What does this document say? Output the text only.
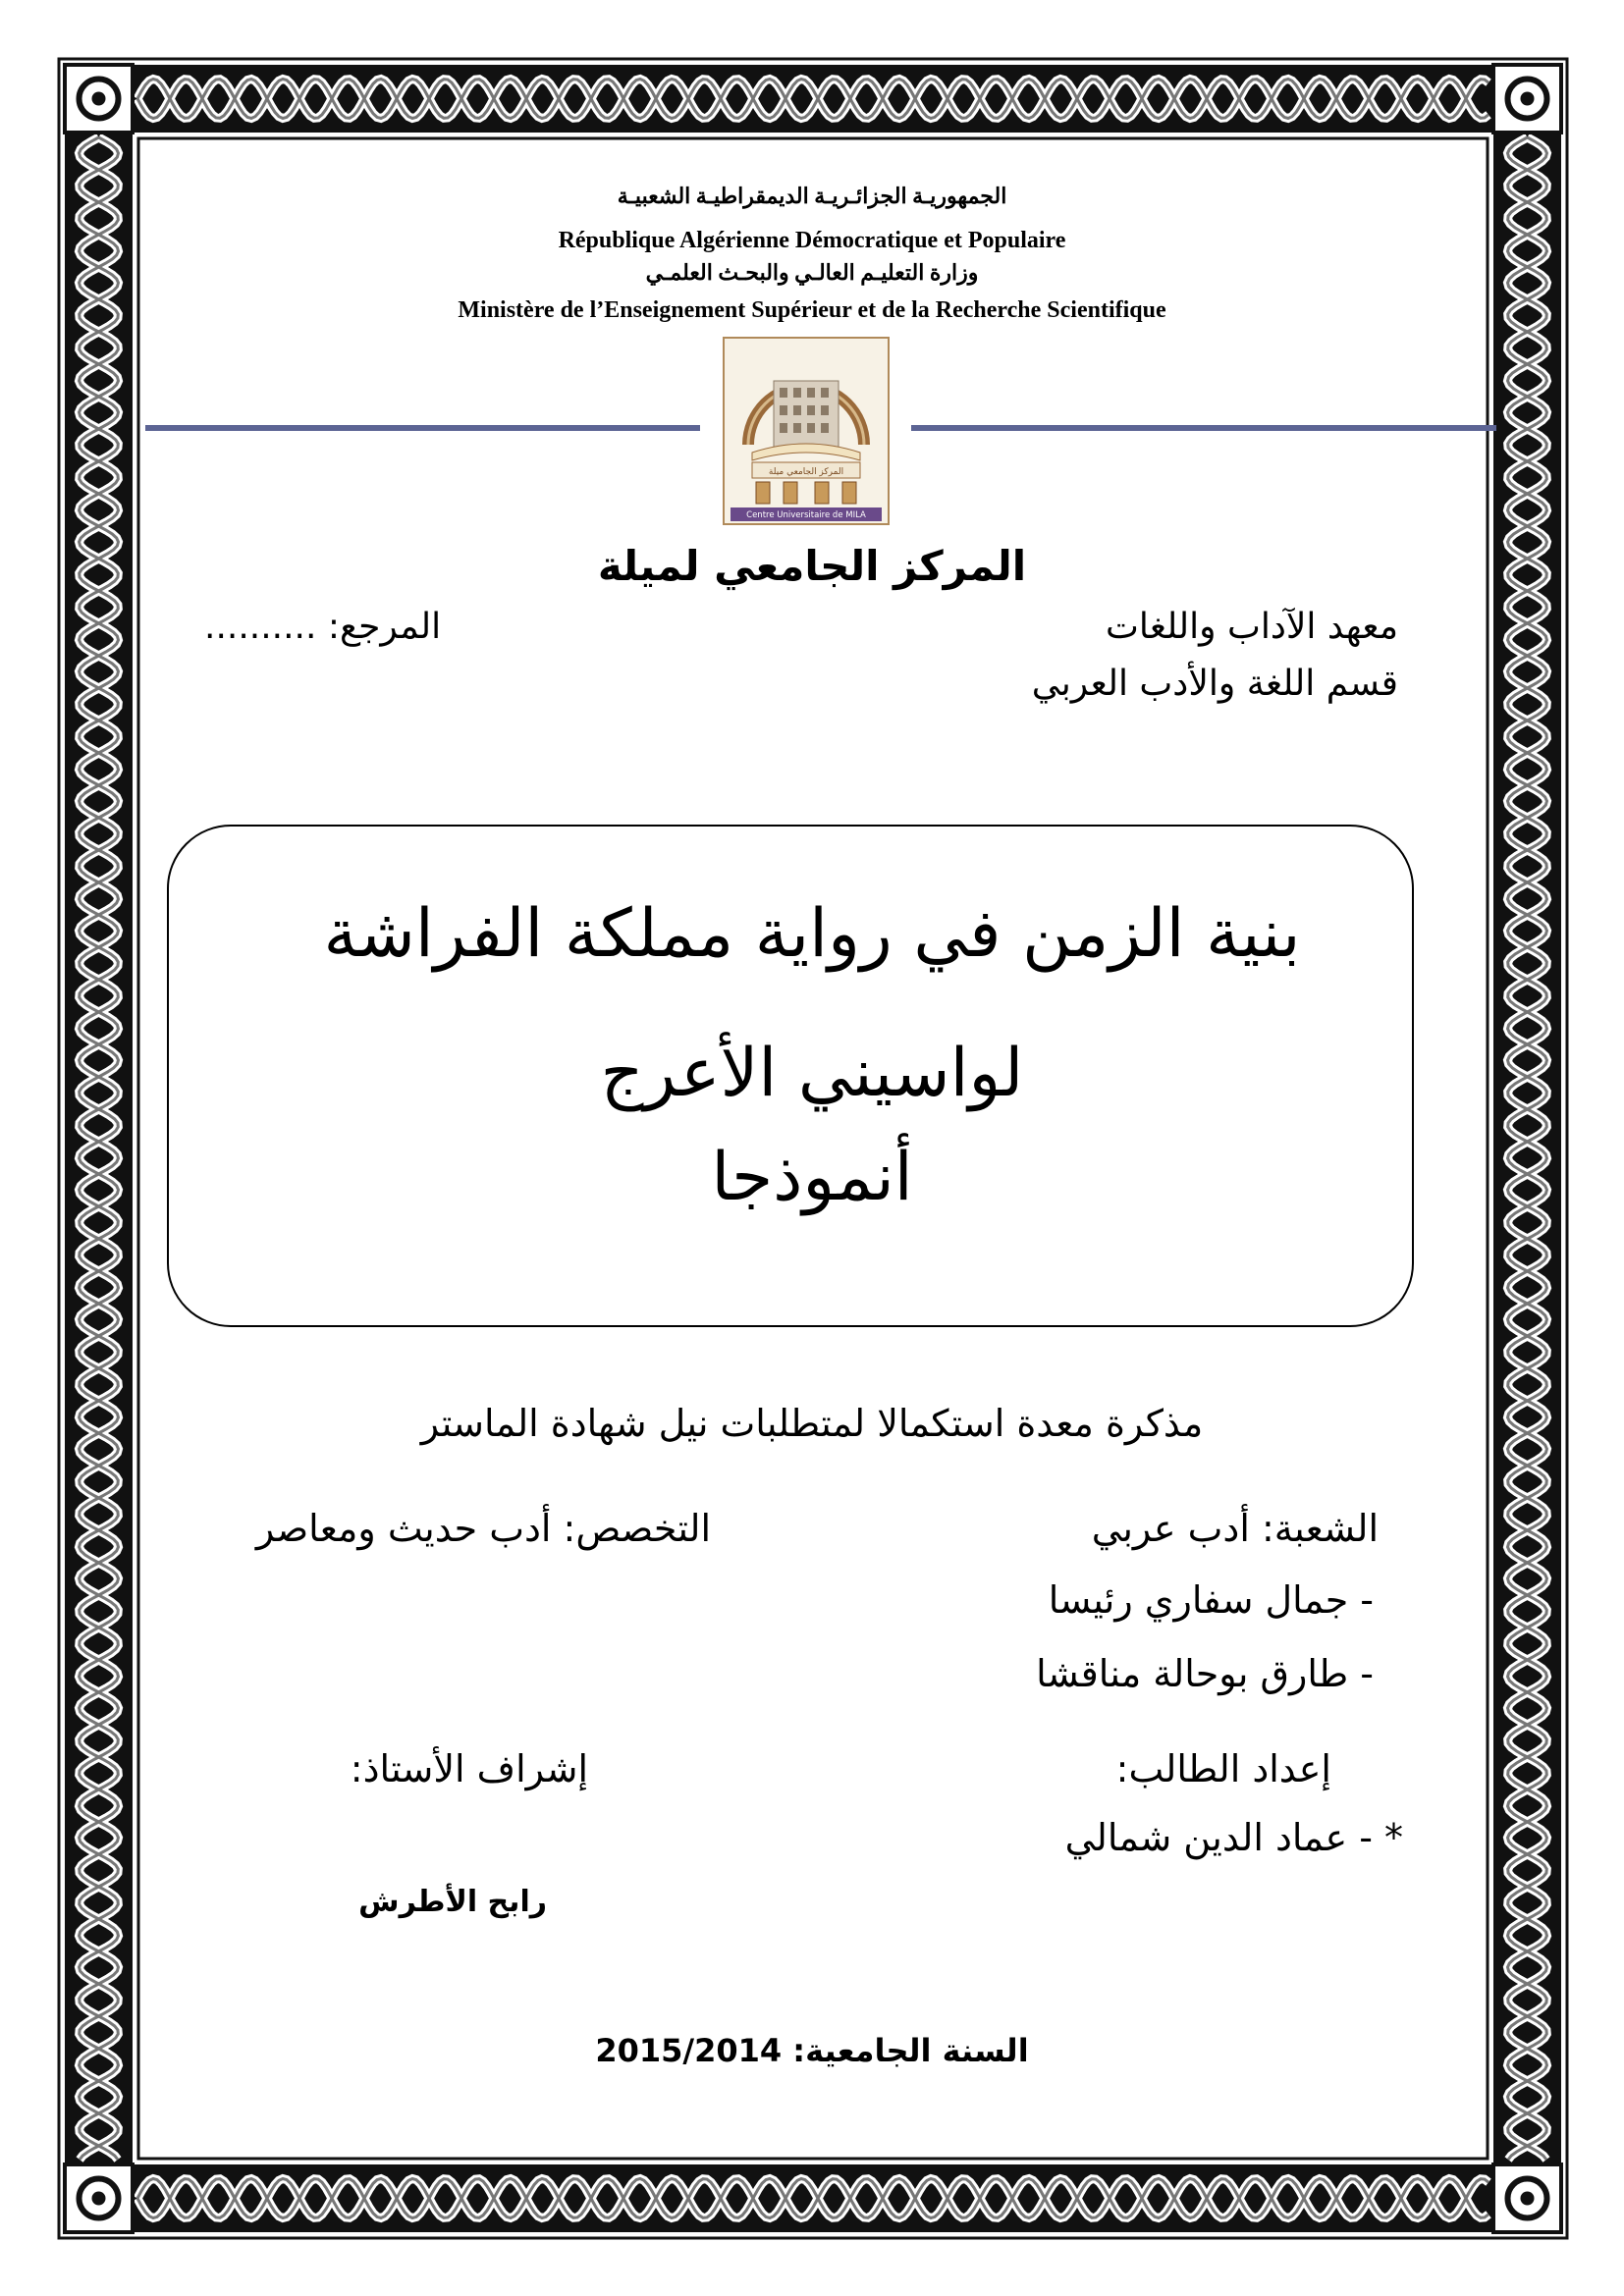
الجمهوريـة الجزائـريـة الديمقراطيـة الشعبيـة
République Algérienne Démocratique et Populaire
وزارة التعليـم العالـي والبحـث العلمـي
Ministère de l’Enseignement Supérieur et de la Recherche Scientifique
المركز الجامعي ميلة
Centre Universitaire de MILA
المركز الجامعي لميلة
معهد الآداب واللغات
المرجع: ..........
قسم اللغة والأدب العربي
بنية الزمن في رواية مملكة الفراشة
لواسيني الأعرج
أنموذجا
مذكرة معدة استكمالا لمتطلبات نيل شهادة الماستر
الشعبة: أدب عربي
التخصص: أدب حديث ومعاصر
- جمال سفاري رئيسا
- طارق بوحالة مناقشا
إعداد الطالب:
إشراف الأستاذ:
* - عماد الدين شمالي
رابح الأطرش
السنة الجامعية: 2015/2014
